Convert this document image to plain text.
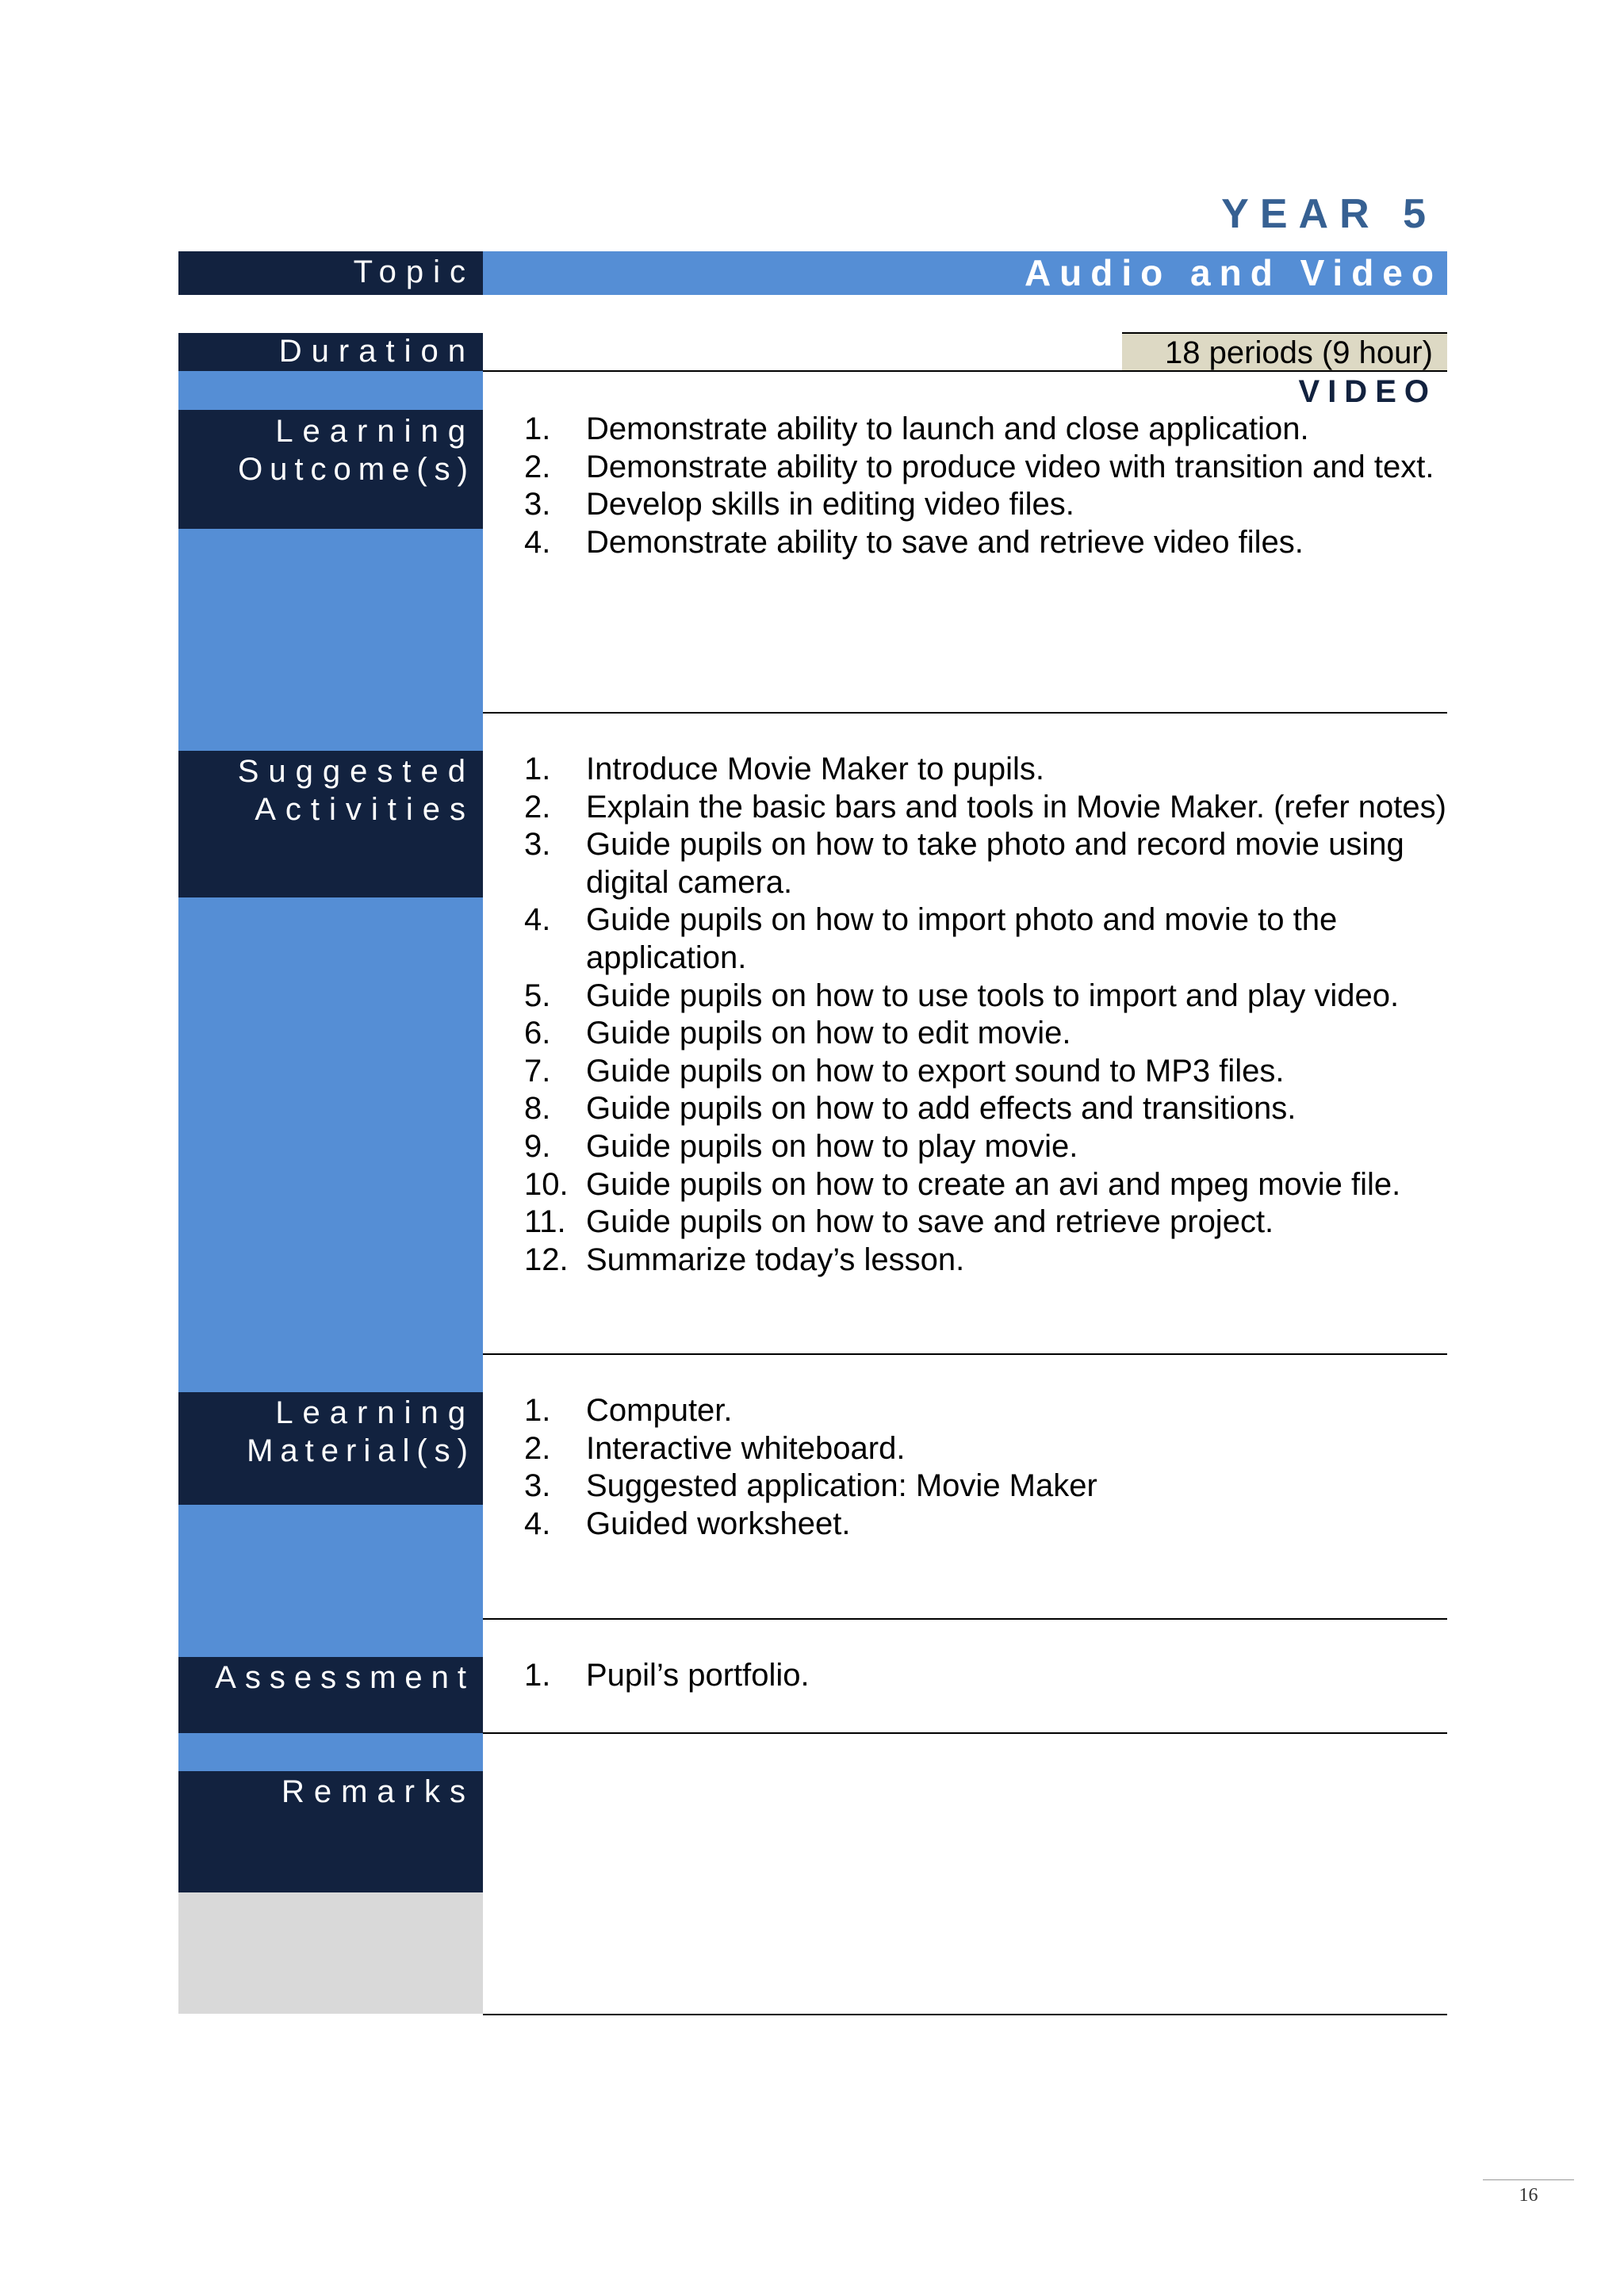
YEAR 5
Topic	Audio and Video
Duration	18 periods (9 hour)
VIDEO
Learning
Outcome(s)
1. Demonstrate ability to launch and close application.
2. Demonstrate ability to produce video with transition and text.
3. Develop skills in editing video files.
4. Demonstrate ability to save and retrieve video files.
Suggested
Activities
1. Introduce Movie Maker to pupils.
2. Explain the basic bars and tools in Movie Maker. (refer notes)
3. Guide pupils on how to take photo and record movie using digital camera.
4. Guide pupils on how to import photo and movie to the application.
5. Guide pupils on how to use tools to import and play video.
6. Guide pupils on how to edit movie.
7. Guide pupils on how to export sound to MP3 files.
8. Guide pupils on how to add effects and transitions.
9. Guide pupils on how to play movie.
10. Guide pupils on how to create an avi and mpeg movie file.
11. Guide pupils on how to save and retrieve project.
12. Summarize today’s lesson.
Learning
Material(s)
1. Computer.
2. Interactive whiteboard.
3. Suggested application: Movie Maker
4. Guided worksheet.
Assessment 1. Pupil’s portfolio.
Remarks
16
